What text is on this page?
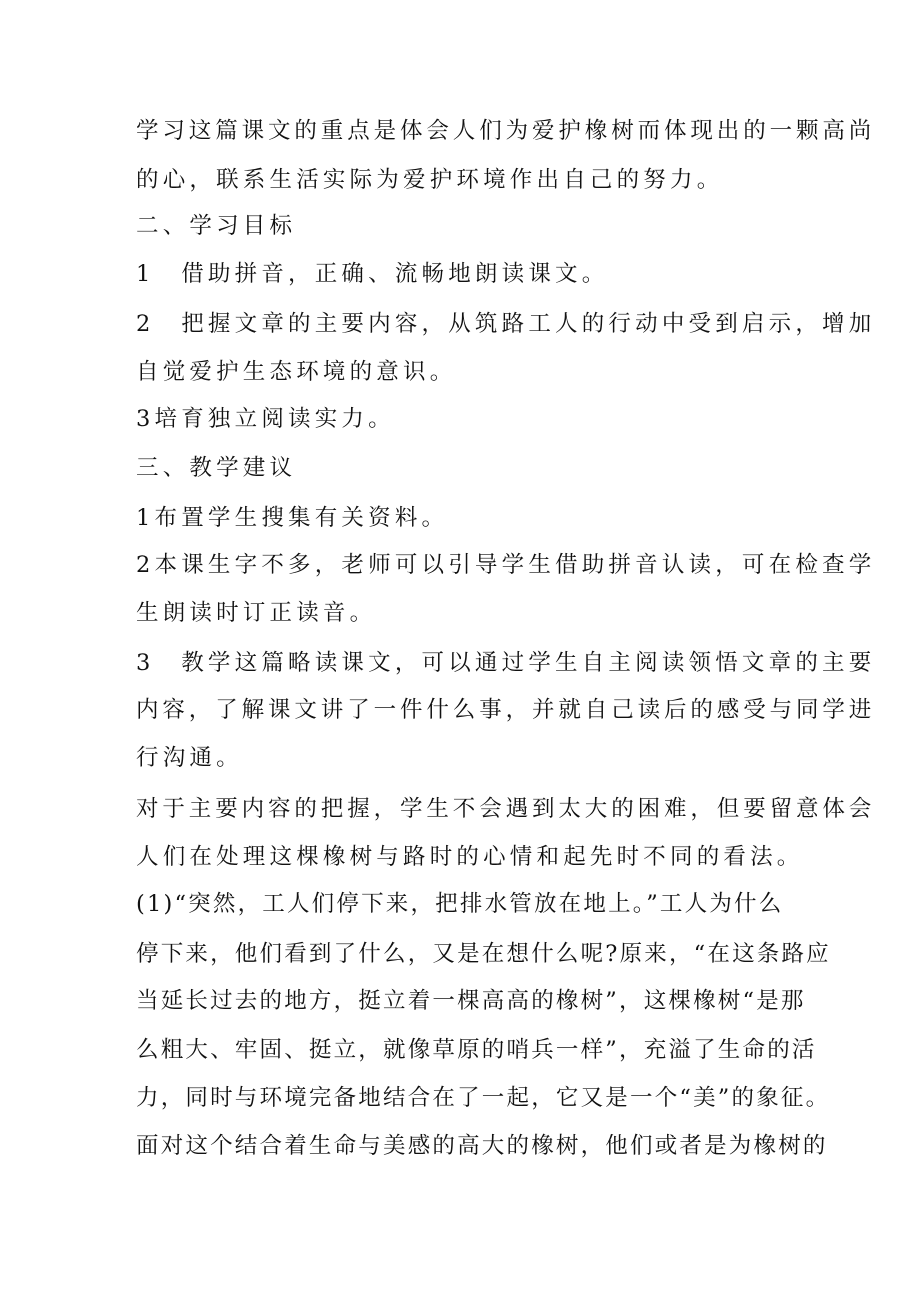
学习这篇课文的重点是体会人们为爱护橡树而体现出的一颗高尚
的心，联系生活实际为爱护环境作出自己的努力。
二、学习目标
1　借助拼音，正确、流畅地朗读课文。
2　把握文章的主要内容，从筑路工人的行动中受到启示，增加
自觉爱护生态环境的意识。
3培育独立阅读实力。
三、教学建议
1布置学生搜集有关资料。
2本课生字不多，老师可以引导学生借助拼音认读，可在检查学
生朗读时订正读音。
3　教学这篇略读课文，可以通过学生自主阅读领悟文章的主要
内容，了解课文讲了一件什么事，并就自己读后的感受与同学进
行沟通。
对于主要内容的把握，学生不会遇到太大的困难，但要留意体会
人们在处理这棵橡树与路时的心情和起先时不同的看法。
(1)“突然，工人们停下来，把排水管放在地上。”工人为什么
停下来，他们看到了什么，又是在想什么呢?原来，“在这条路应
当延长过去的地方，挺立着一棵高高的橡树”，这棵橡树“是那
么粗大、牢固、挺立，就像草原的哨兵一样”，充溢了生命的活
力，同时与环境完备地结合在了一起，它又是一个“美”的象征。
面对这个结合着生命与美感的高大的橡树，他们或者是为橡树的
